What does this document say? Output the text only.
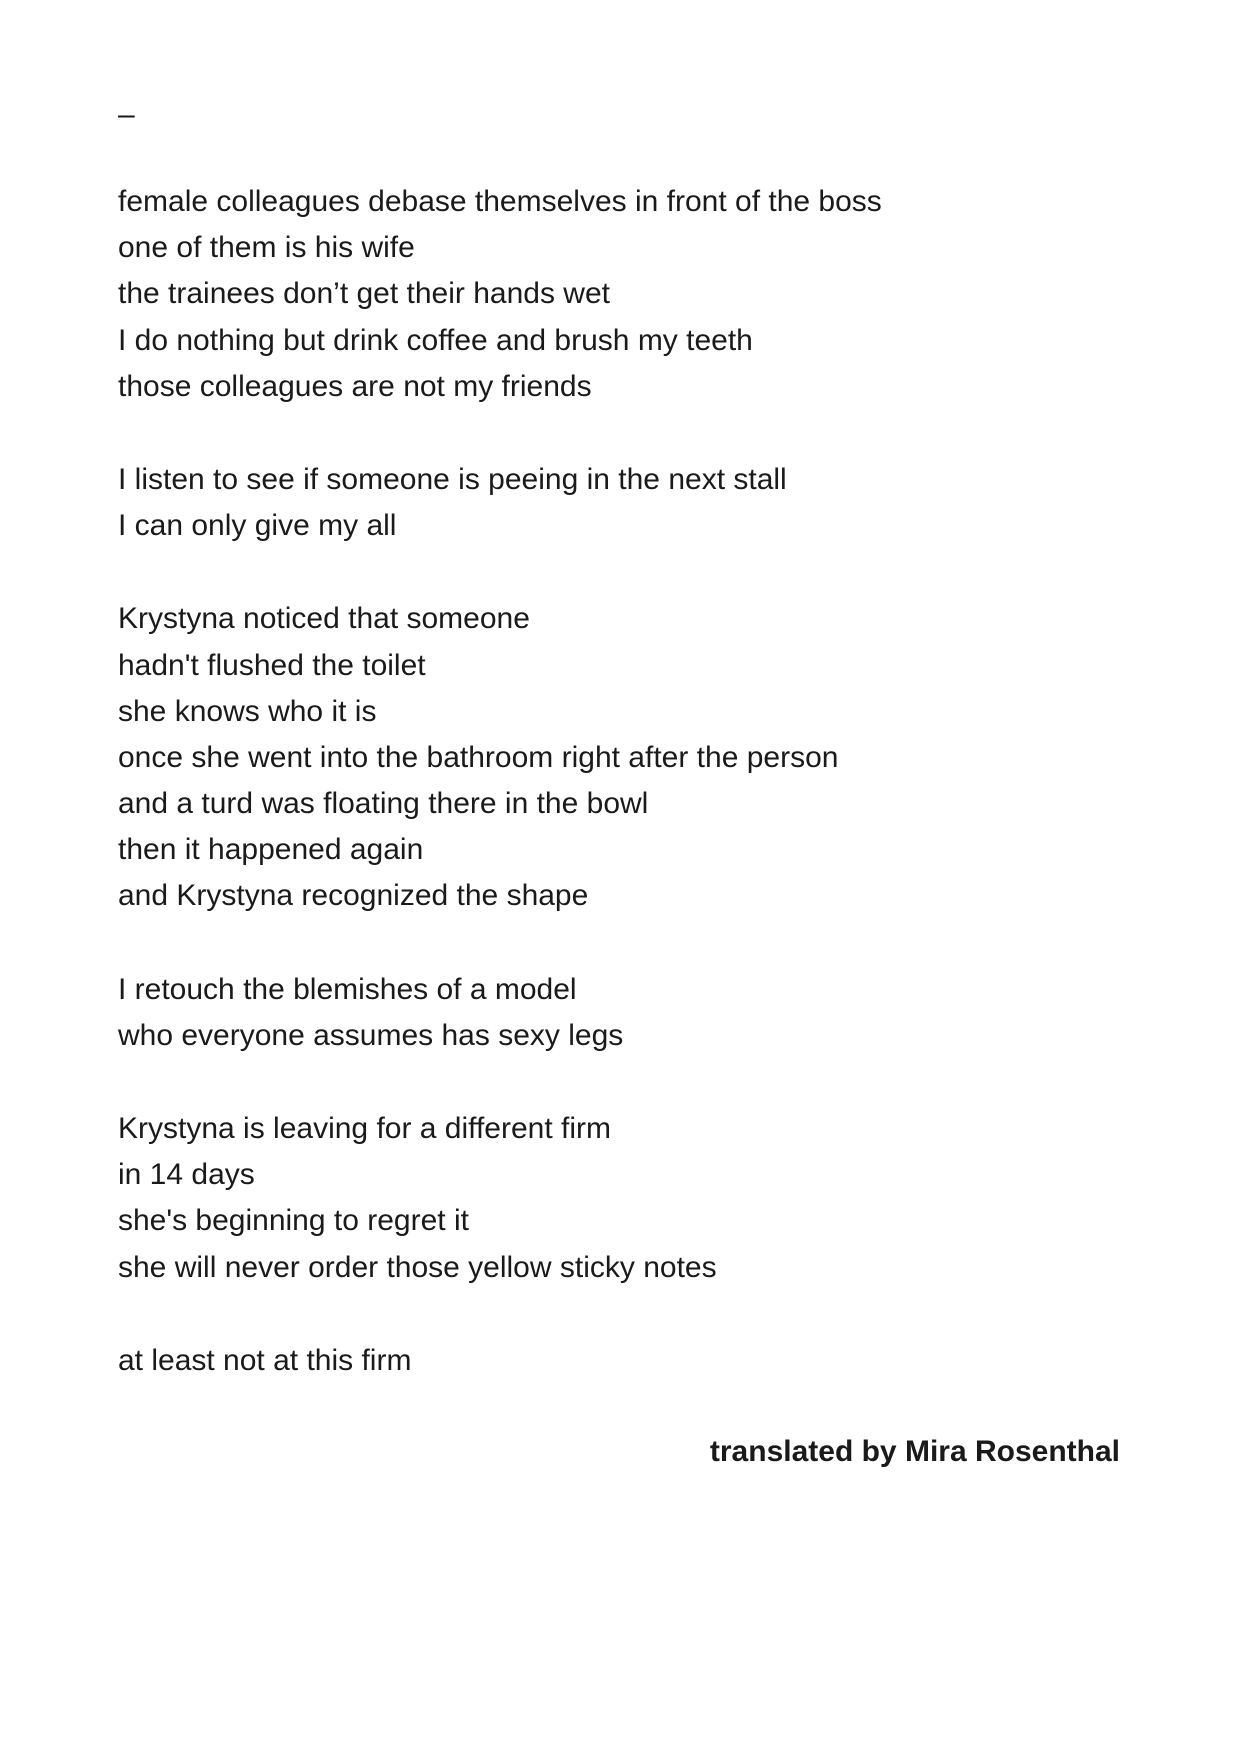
–
female colleagues debase themselves in front of the boss
one of them is his wife
the trainees don’t get their hands wet
I do nothing but drink coffee and brush my teeth
those colleagues are not my friends
I listen to see if someone is peeing in the next stall
I can only give my all
Krystyna noticed that someone
hadn't flushed the toilet
she knows who it is
once she went into the bathroom right after the person
and a turd was floating there in the bowl
then it happened again
and Krystyna recognized the shape
I retouch the blemishes of a model
who everyone assumes has sexy legs
Krystyna is leaving for a different firm
in 14 days
she's beginning to regret it
she will never order those yellow sticky notes
at least not at this firm
translated by Mira Rosenthal
